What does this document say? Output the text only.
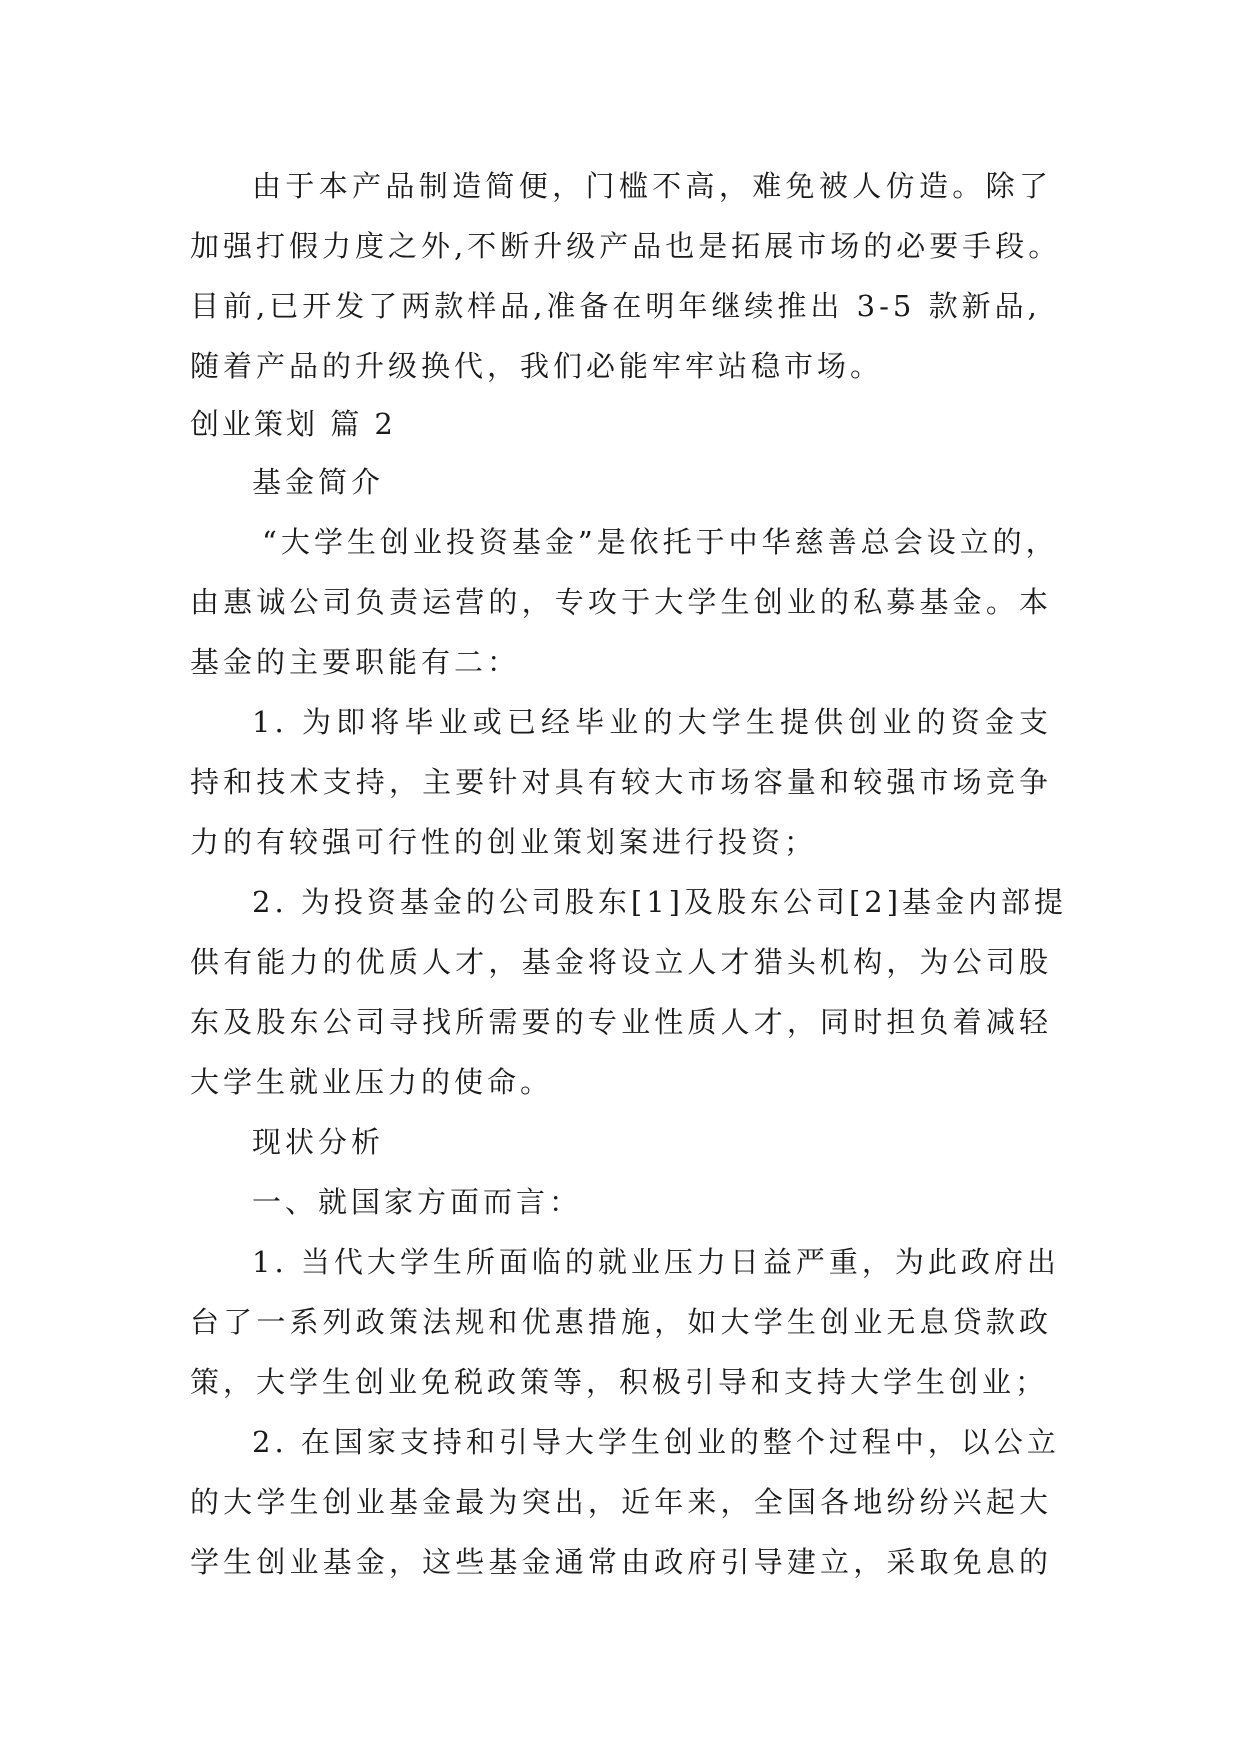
由于本产品制造简便，门槛不高，难免被人仿造。除了
加强打假力度之外,不断升级产品也是拓展市场的必要手段。
目前,已开发了两款样品,准备在明年继续推出 3-5 款新品,
随着产品的升级换代，我们必能牢牢站稳市场。
创业策划 篇 2
基金简介
“大学生创业投资基金”是依托于中华慈善总会设立的，
由惠诚公司负责运营的，专攻于大学生创业的私募基金。本
基金的主要职能有二：
1. 为即将毕业或已经毕业的大学生提供创业的资金支
持和技术支持，主要针对具有较大市场容量和较强市场竞争
力的有较强可行性的创业策划案进行投资；
2. 为投资基金的公司股东[1]及股东公司[2]基金内部提
供有能力的优质人才，基金将设立人才猎头机构，为公司股
东及股东公司寻找所需要的专业性质人才，同时担负着减轻
大学生就业压力的使命。
现状分析
一、就国家方面而言：
1. 当代大学生所面临的就业压力日益严重，为此政府出
台了一系列政策法规和优惠措施，如大学生创业无息贷款政
策，大学生创业免税政策等，积极引导和支持大学生创业；
2. 在国家支持和引导大学生创业的整个过程中，以公立
的大学生创业基金最为突出，近年来，全国各地纷纷兴起大
学生创业基金，这些基金通常由政府引导建立，采取免息的
